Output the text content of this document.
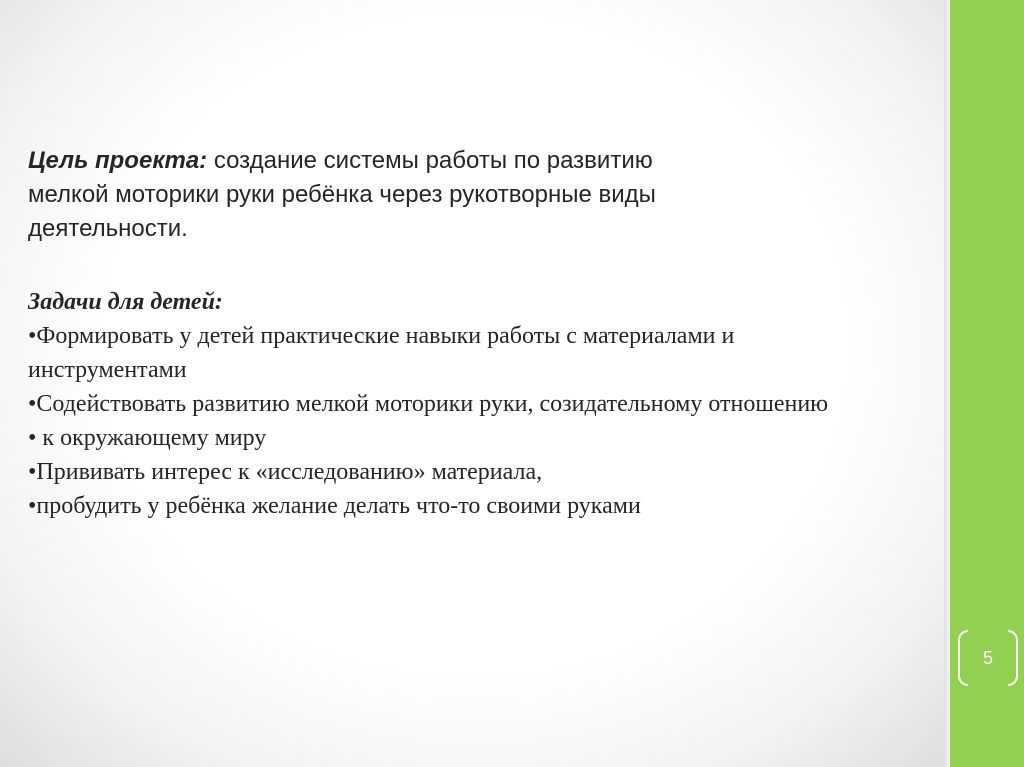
5
Цель проекта: создание системы работы по развитию
мелкой моторики руки ребёнка через рукотворные виды
деятельности.
Задачи для детей:
•Формировать у детей практические навыки работы с материалами и инструментами
•Содействовать развитию мелкой моторики руки, созидательному отношению
• к окружающему миру
•Прививать интерес к «исследованию» материала,
•пробудить у ребёнка желание делать что-то своими руками
